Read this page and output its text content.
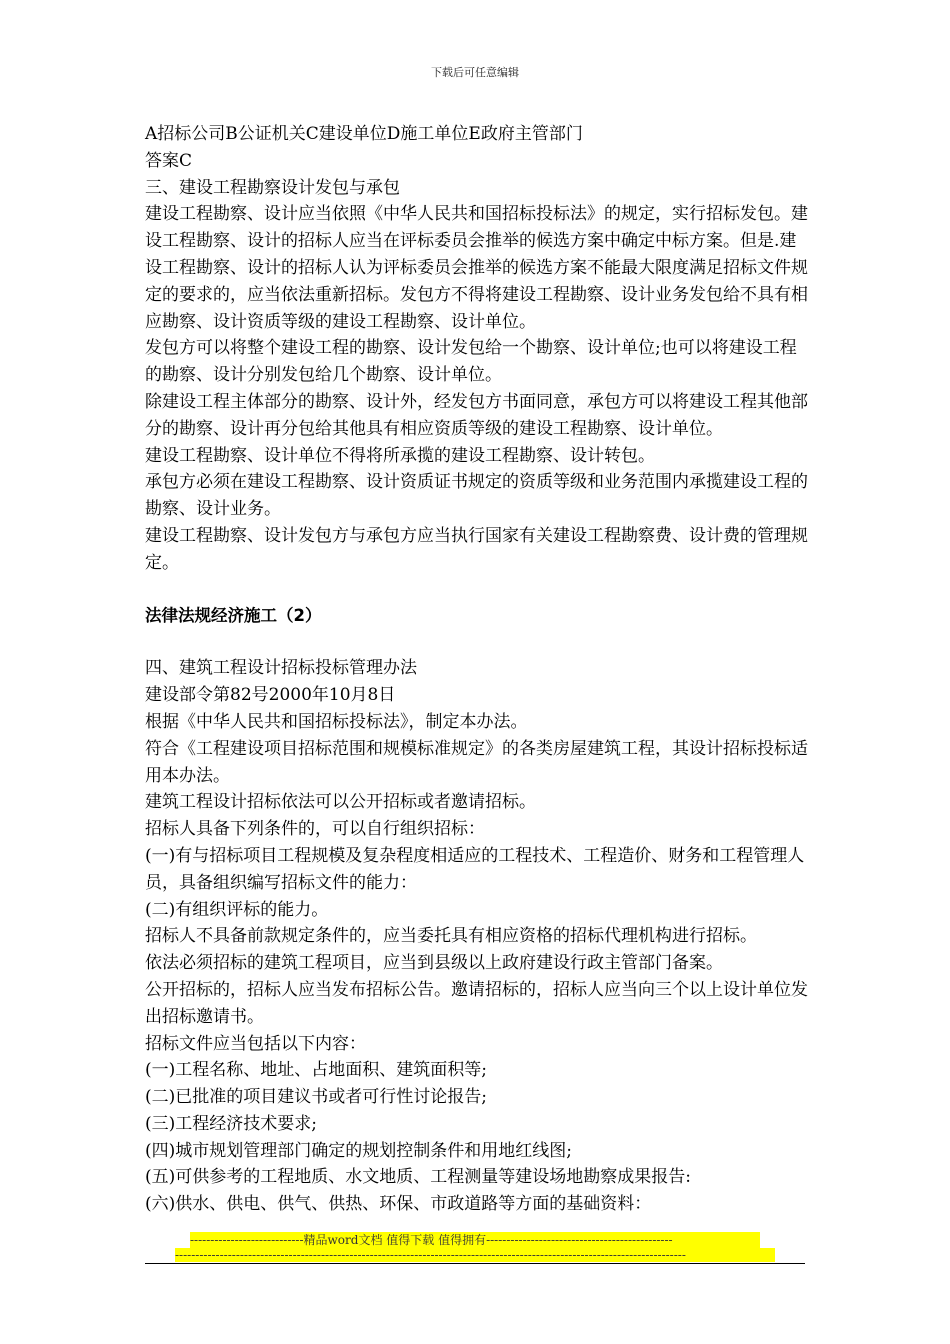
下载后可任意编辑

A招标公司B公证机关C建设单位D施工单位E政府主管部门

答案C

三、建设工程勘察设计发包与承包

建设工程勘察、设计应当依照《中华人民共和国招标投标法》的规定，实行招标发包。建设工程勘察、设计的招标人应当在评标委员会推举的候选方案中确定中标方案。但是.建设工程勘察、设计的招标人认为评标委员会推举的候选方案不能最大限度满足招标文件规定的要求的，应当依法重新招标。发包方不得将建设工程勘察、设计业务发包给不具有相应勘察、设计资质等级的建设工程勘察、设计单位。

发包方可以将整个建设工程的勘察、设计发包给一个勘察、设计单位;也可以将建设工程的勘察、设计分别发包给几个勘察、设计单位。

除建设工程主体部分的勘察、设计外，经发包方书面同意，承包方可以将建设工程其他部分的勘察、设计再分包给其他具有相应资质等级的建设工程勘察、设计单位。

建设工程勘察、设计单位不得将所承揽的建设工程勘察、设计转包。

承包方必须在建设工程勘察、设计资质证书规定的资质等级和业务范围内承揽建设工程的勘察、设计业务。

建设工程勘察、设计发包方与承包方应当执行国家有关建设工程勘察费、设计费的管理规定。

法律法规经济施工（2）

四、建筑工程设计招标投标管理办法

建设部令第82号2000年10月8日

根据《中华人民共和国招标投标法》，制定本办法。

符合《工程建设项目招标范围和规模标准规定》的各类房屋建筑工程，其设计招标投标适用本办法。

建筑工程设计招标依法可以公开招标或者邀请招标。

招标人具备下列条件的，可以自行组织招标：

(一)有与招标项目工程规模及复杂程度相适应的工程技术、工程造价、财务和工程管理人员，具备组织编写招标文件的能力：

(二)有组织评标的能力。

招标人不具备前款规定条件的，应当委托具有相应资格的招标代理机构进行招标。

依法必须招标的建筑工程项目，应当到县级以上政府建设行政主管部门备案。

公开招标的，招标人应当发布招标公告。邀请招标的，招标人应当向三个以上设计单位发出招标邀请书。

招标文件应当包括以下内容：

(一)工程名称、地址、占地面积、建筑面积等;

(二)已批准的项目建议书或者可行性讨论报告;

(三)工程经济技术要求;

(四)城市规划管理部门确定的规划控制条件和用地红线图;

(五)可供参考的工程地质、水文地质、工程测量等建设场地勘察成果报告:

(六)供水、供电、供气、供热、环保、市政道路等方面的基础资料：

----------------------------精品word文档 值得下载 值得拥有----------------------------------------------
------------------------------------------------------------------------------------------------------------------------------
